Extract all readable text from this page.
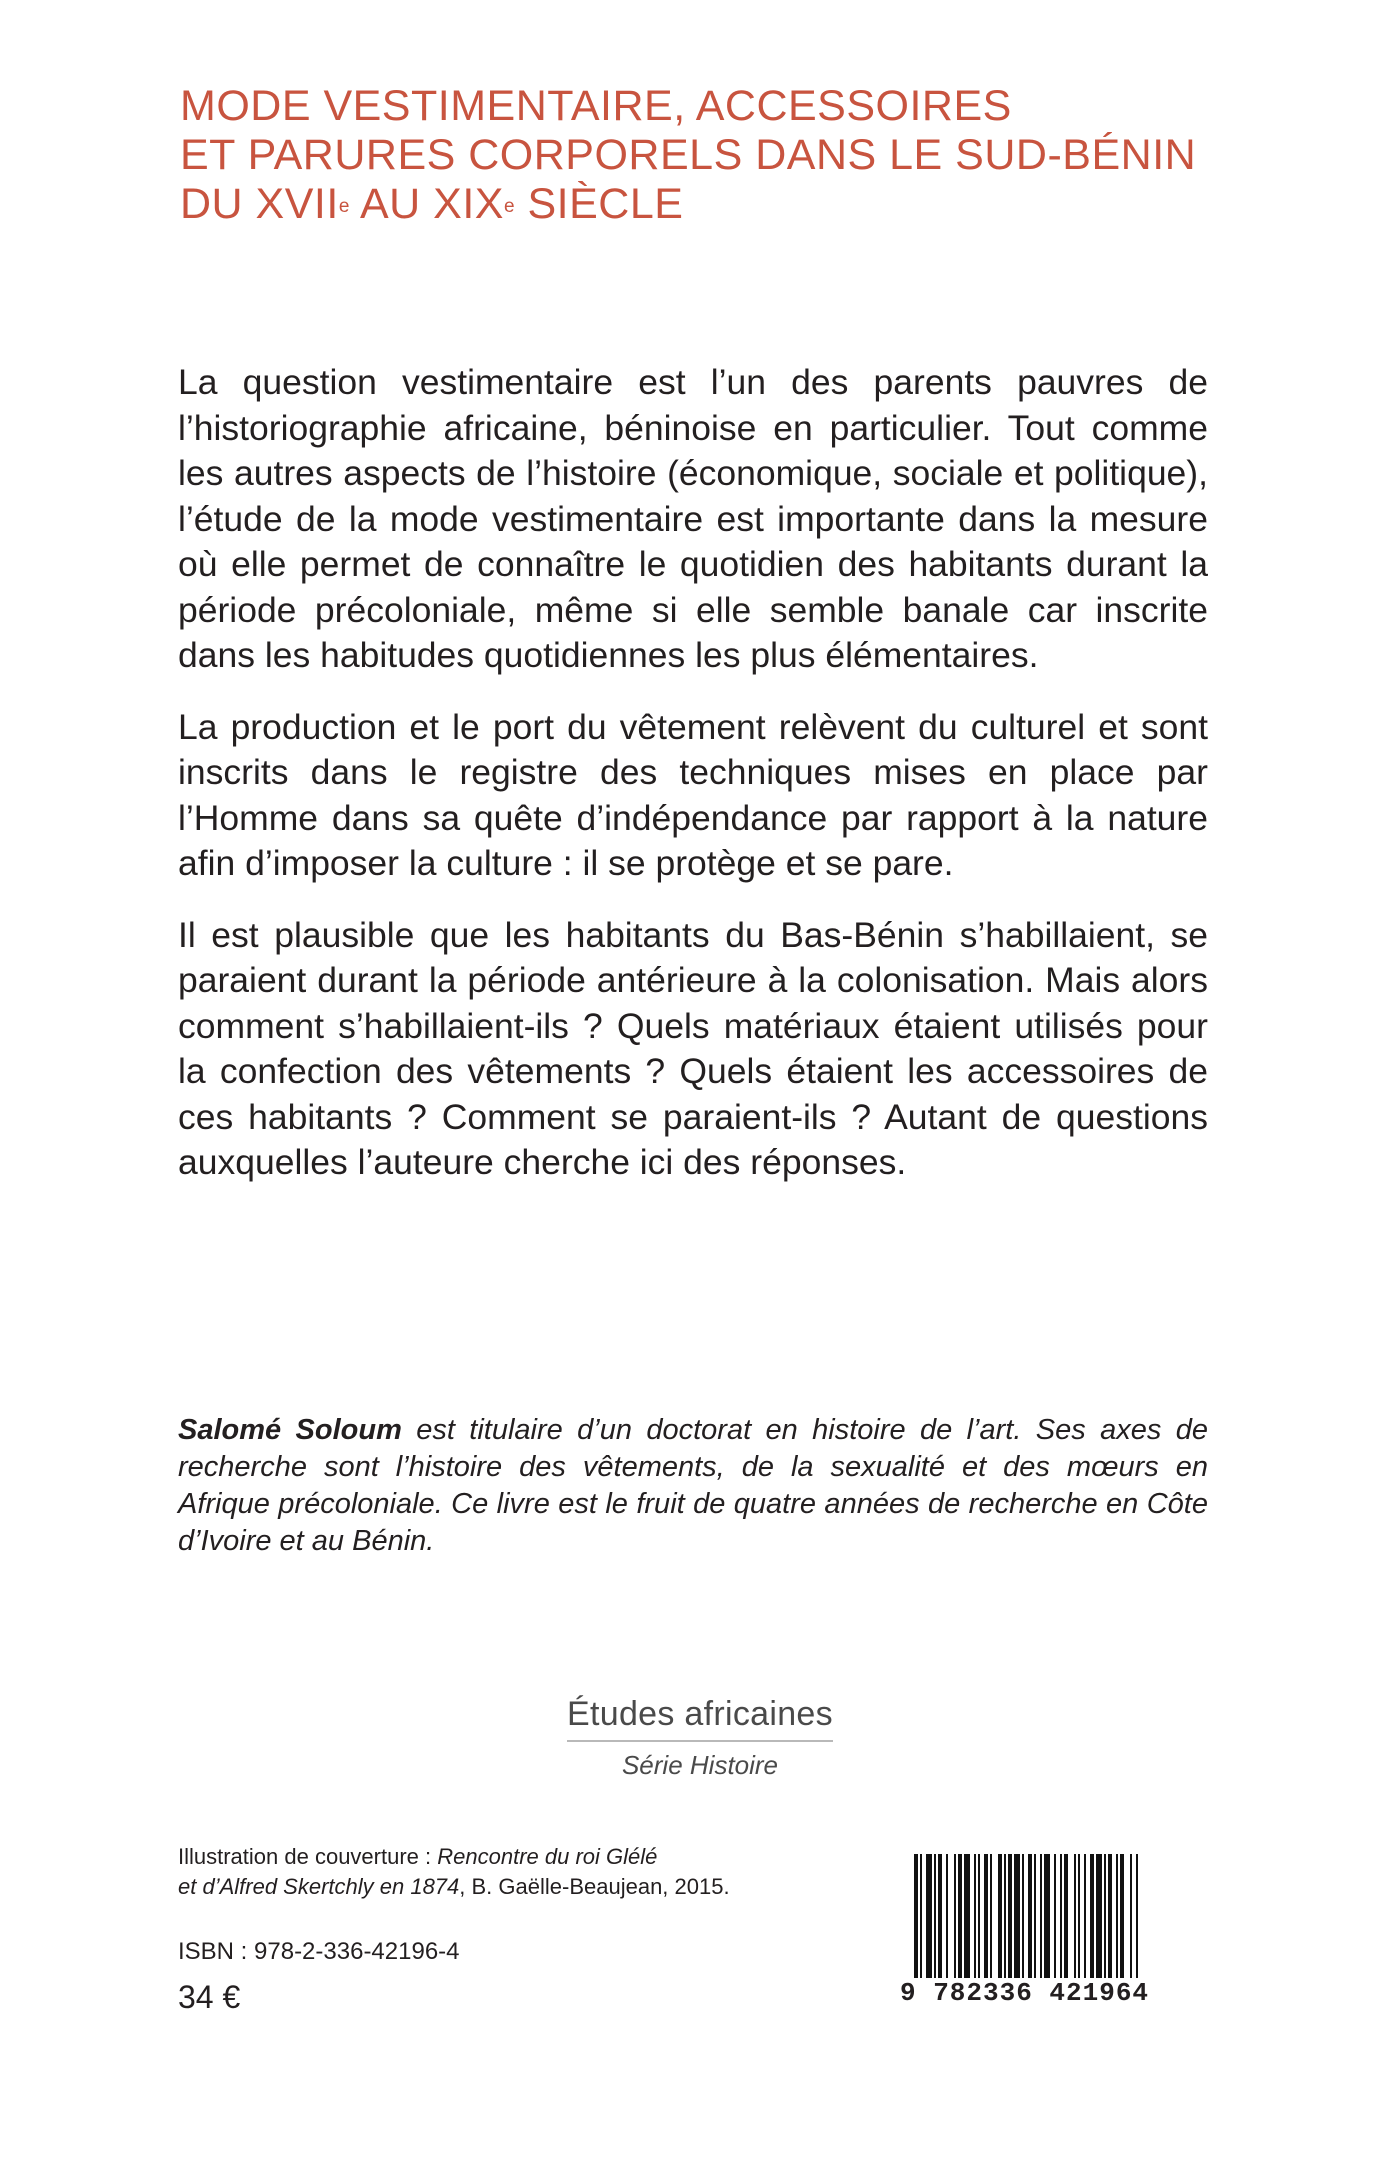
MODE VESTIMENTAIRE, ACCESSOIRES
ET PARURES CORPORELS DANS LE SUD-BÉNIN
DU XVIIe AU XIXe SIÈCLE

La question vestimentaire est l’un des parents pauvres de l’historiographie africaine, béninoise en particulier. Tout comme les autres aspects de l’histoire (économique, sociale et politique), l’étude de la mode vestimentaire est importante dans la mesure où elle permet de connaître le quotidien des habitants durant la période précoloniale, même si elle semble banale car inscrite dans les habitudes quotidiennes les plus élémentaires.

La production et le port du vêtement relèvent du culturel et sont inscrits dans le registre des techniques mises en place par l’Homme dans sa quête d’indépendance par rapport à la nature afin d’imposer la culture : il se protège et se pare.

Il est plausible que les habitants du Bas-Bénin s’habillaient, se paraient durant la période antérieure à la colonisation. Mais alors comment s’habillaient-ils ? Quels matériaux étaient utilisés pour la confection des vêtements ? Quels étaient les accessoires de ces habitants ? Comment se paraient-ils ? Autant de questions auxquelles l’auteure cherche ici des réponses.

Salomé Soloum est titulaire d’un doctorat en histoire de l’art. Ses axes de recherche sont l’histoire des vêtements, de la sexualité et des mœurs en Afrique précoloniale. Ce livre est le fruit de quatre années de recherche en Côte d’Ivoire et au Bénin.

Études africaines
Série Histoire

Illustration de couverture : Rencontre du roi Glélé
et d’Alfred Skertchly en 1874, B. Gaëlle-Beaujean, 2015.

ISBN : 978-2-336-42196-4

34 €	9 782336 421964
